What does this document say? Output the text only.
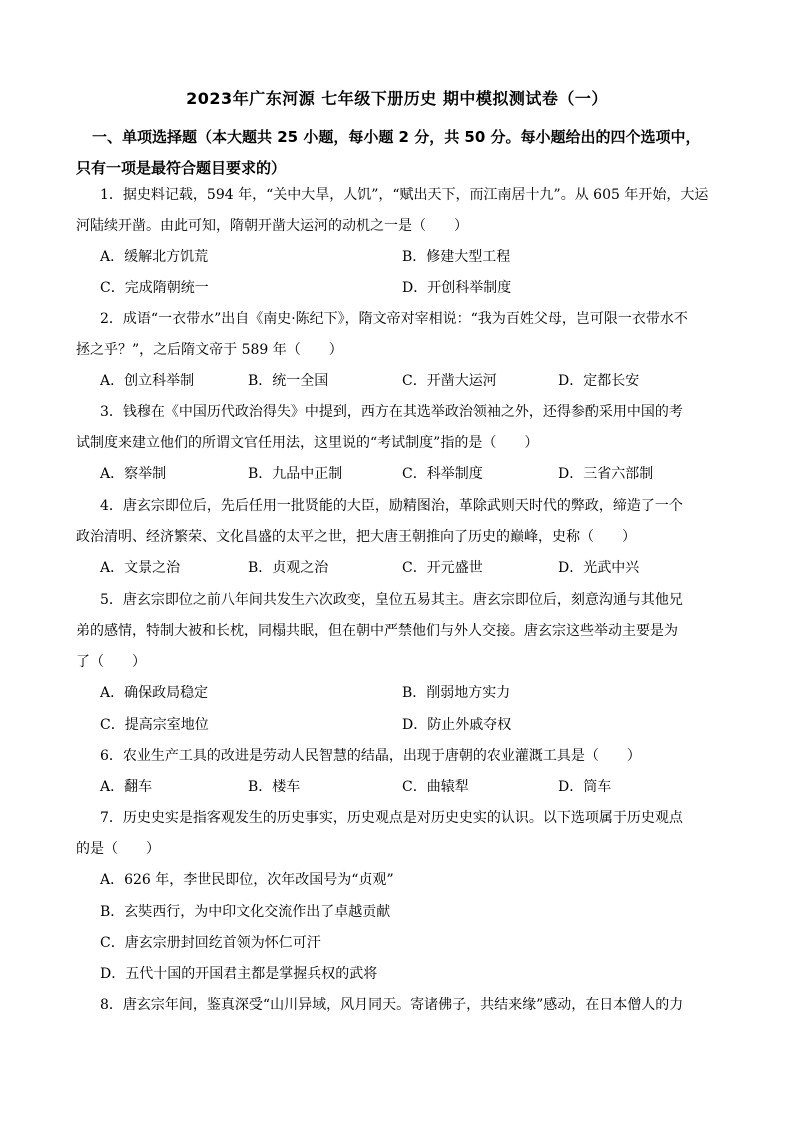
2023年广东河源 七年级下册历史 期中模拟测试卷（一）
一、单项选择题（本大题共 25 小题，每小题 2 分，共 50 分。每小题给出的四个选项中，
只有一项是最符合题目要求的）
1．据史料记载，594 年，“关中大旱，人饥”，“赋出天下，而江南居十九”。从 605 年开始，大运
河陆续开凿。由此可知，隋朝开凿大运河的动机之一是（　　）
A．缓解北方饥荒	B．修建大型工程
C．完成隋朝统一	D．开创科举制度
2．成语“一衣带水”出自《南史·陈纪下》，隋文帝对宰相说：“我为百姓父母，岂可限一衣带水不
拯之乎？”，之后隋文帝于 589 年（　　）
A．创立科举制	B．统一全国	C．开凿大运河	D．定都长安
3．钱穆在《中国历代政治得失》中提到，西方在其选举政治领袖之外，还得参酌采用中国的考
试制度来建立他们的所谓文官任用法，这里说的“考试制度”指的是（　　）
A．察举制	B．九品中正制	C．科举制度	D．三省六部制
4．唐玄宗即位后，先后任用一批贤能的大臣，励精图治，革除武则天时代的弊政，缔造了一个
政治清明、经济繁荣、文化昌盛的太平之世，把大唐王朝推向了历史的巅峰，史称（　　）
A．文景之治	B．贞观之治	C．开元盛世	D．光武中兴
5．唐玄宗即位之前八年间共发生六次政变，皇位五易其主。唐玄宗即位后，刻意沟通与其他兄
弟的感情，特制大被和长枕，同榻共眠，但在朝中严禁他们与外人交接。唐玄宗这些举动主要是为
了（　　）
A．确保政局稳定	B．削弱地方实力
C．提高宗室地位	D．防止外戚夺权
6．农业生产工具的改进是劳动人民智慧的结晶，出现于唐朝的农业灌溉工具是（　　）
A．翻车	B．楼车	C．曲辕犁	D．筒车
7．历史史实是指客观发生的历史事实，历史观点是对历史史实的认识。以下选项属于历史观点
的是（　　）
A．626 年，李世民即位，次年改国号为“贞观”
B．玄奘西行，为中印文化交流作出了卓越贡献
C．唐玄宗册封回纥首领为怀仁可汗
D．五代十国的开国君主都是掌握兵权的武将
8．唐玄宗年间，鉴真深受“山川异域，风月同天。寄诸佛子，共结来缘”感动，在日本僧人的力
